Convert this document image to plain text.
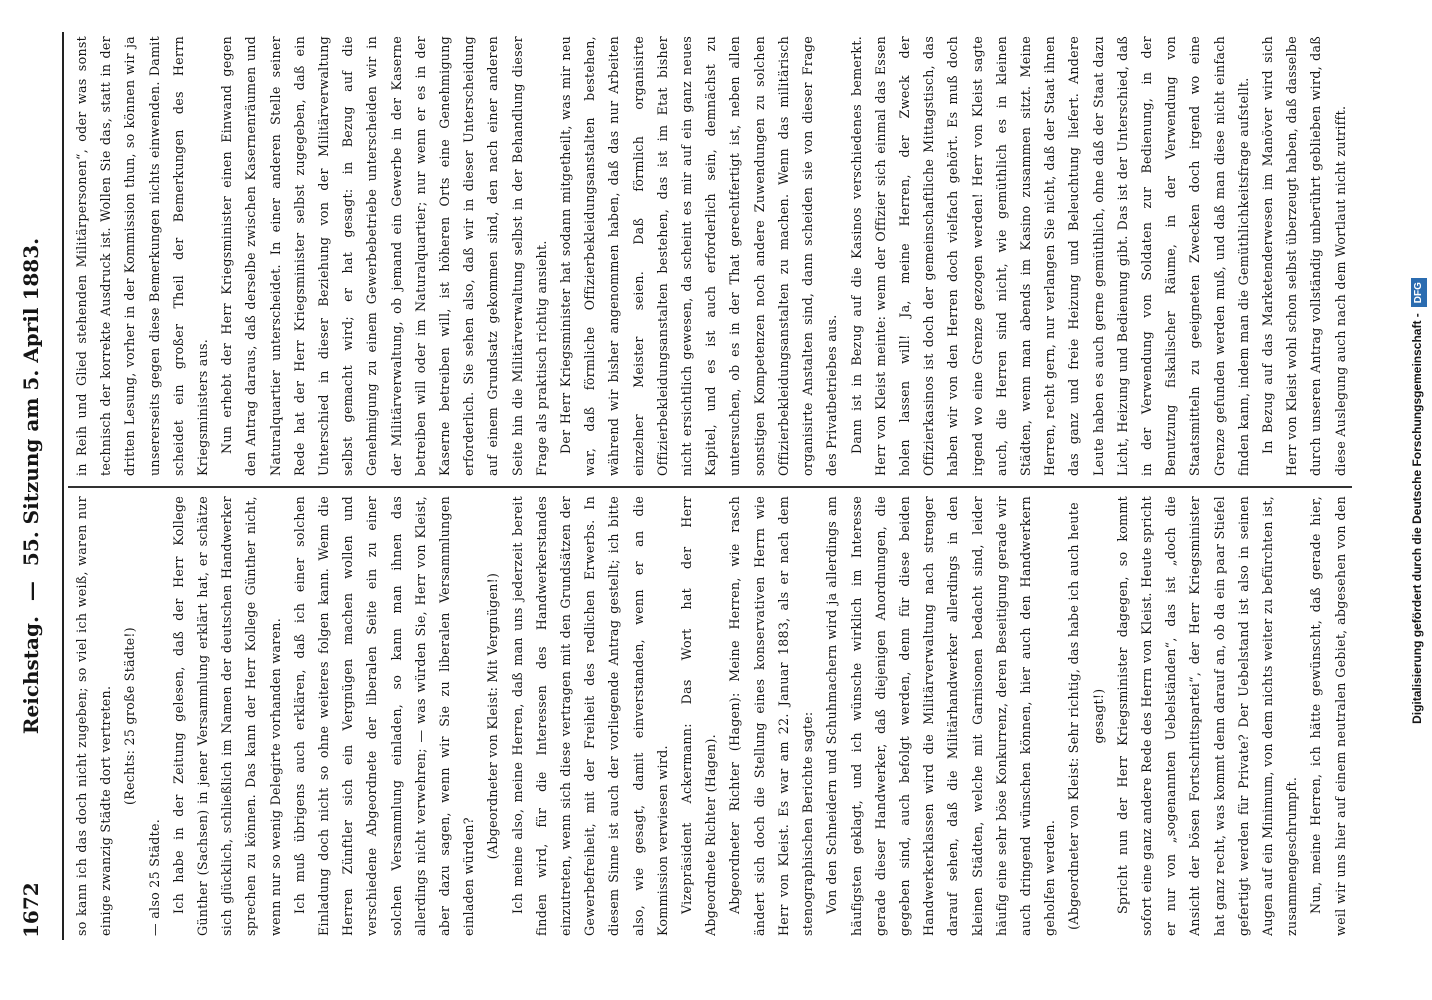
1672
Reichstag. — 55. Sitzung am 5. April 1883.

so kann ich das doch nicht zugeben; so viel ich weiß, waren nur einige zwanzig Städte dort vertreten. (Rechts: 25 große Städte!)

— also 25 Städte. Ich habe in der Zeitung gelesen, daß der Herr Kollege Günther (Sachsen) in jener Versammlung erklärt hat, er schätze sich glücklich, schließlich im Namen der deutschen Handwerker sprechen zu können. Das kann der Herr Kollege Günther nicht, wenn nur so wenig Delegirte vorhanden waren. Ich muß übrigens auch erklären, daß ich einer solchen Einladung doch nicht so ohne weiteres folgen kann. Wenn die Herren Zünftler sich ein Vergnügen machen wollen und verschiedene Abgeordnete der liberalen Seite ein zu einer solchen Versammlung einladen, so kann man ihnen das allerdings nicht verwehren; — was würden Sie, Herr von Kleist, aber dazu sagen, wenn wir Sie zu liberalen Versammlungen einladen würden?

(Abgeordneter von Kleist: Mit Vergnügen!) Ich meine also, meine Herren, daß man uns jederzeit bereit finden wird, für die Interessen des Handwerkerstandes einzutreten, wenn sich diese vertragen mit den Grundsätzen der Gewerbefreiheit, mit der Freiheit des redlichen Erwerbs. In diesem Sinne ist auch der vorliegende Antrag gestellt; ich bitte also, wie gesagt, damit einverstanden, wenn er an die Kommission verwiesen wird. Vizepräsident Ackermann: Das Wort hat der Herr Abgeordnete Richter (Hagen). Abgeordneter Richter (Hagen): Meine Herren, wie rasch ändert sich doch die Stellung eines konservativen Herrn wie Herr von Kleist. Es war am 22. Januar 1883, als er nach dem stenographischen Berichte sagte: Von den Schneidern und Schuhmachern wird ja allerdings am häufigsten geklagt, und ich wünsche wirklich im Interesse gerade dieser Handwerker, daß diejenigen Anordnungen, die gegeben sind, auch befolgt werden, denn für diese beiden Handwerkerklassen wird die Militärverwaltung nach strenger darauf sehen, daß die Militärhandwerker allerdings in den kleinen Städten, welche mit Garnisonen bedacht sind, leider häufig eine sehr böse Konkurrenz, deren Beseitigung gerade wir auch dringend wünschen können, hier auch den Handwerkern geholfen werden. (Abgeordneter von Kleist: Sehr richtig, das habe ich auch heute gesagt!) Spricht nun der Herr Kriegsminister dagegen, so kommt sofort eine ganz andere Rede des Herrn von Kleist. Heute spricht er nur von „sogenannten Uebelständen“, das ist „doch die Ansicht der bösen Fortschrittspartei“, der Herr Kriegsminister hat ganz recht, was kommt denn darauf an, ob da ein paar Stiefel gefertigt werden für Private? Der Uebelstand ist also in seinen Augen auf ein Minimum, von dem nichts weiter zu befürchten ist, zusammengeschrumpft. Nun, meine Herren, ich hätte gewünscht, daß gerade hier, weil wir uns hier auf einem neutralen Gebiet, abgesehen von den

in Reih und Glied stehenden Militärpersonen“, oder was sonst technisch der korrekte Ausdruck ist. Wollen Sie das, statt in der dritten Lesung, vorher in der Kommission thun, so können wir ja unsererseits gegen diese Bemerkungen nichts einwenden. Damit scheidet ein großer Theil der Bemerkungen des Herrn Kriegsministers aus. Nun erhebt der Herr Kriegsminister einen Einwand gegen den Antrag daraus, daß derselbe zwischen Kasernenräumen und Naturalquartier unterscheidet. In einer anderen Stelle seiner Rede hat der Herr Kriegsminister selbst zugegeben, daß ein Unterschied in dieser Beziehung von der Militärverwaltung selbst gemacht wird; er hat gesagt: in Bezug auf die Genehmigung zu einem Gewerbebetriebe unterscheiden wir in der Militärverwaltung, ob jemand ein Gewerbe in der Kaserne betreiben will oder im Naturalquartier; nur wenn er es in der Kaserne betreiben will, ist höheren Orts eine Genehmigung erforderlich. Sie sehen also, daß wir in dieser Unterscheidung auf einem Grundsatz gekommen sind, den nach einer anderen Seite hin die Militärverwaltung selbst in der Behandlung dieser Frage als praktisch richtig ansieht. Der Herr Kriegsminister hat sodann mitgetheilt, was mir neu war, daß förmliche Offizierbekleidungsanstalten bestehen, während wir bisher angenommen haben, daß das nur Arbeiten einzelner Meister seien. Daß förmlich organisirte Offizierbekleidungsanstalten bestehen, das ist im Etat bisher nicht ersichtlich gewesen, da scheint es mir auf ein ganz neues Kapitel, und es ist auch erforderlich sein, demnächst zu untersuchen, ob es in der That gerechtfertigt ist, neben allen sonstigen Kompetenzen noch andere Zuwendungen zu solchen Offizierbekleidungsanstalten zu machen. Wenn das militärisch organisirte Anstalten sind, dann scheiden sie von dieser Frage des Privatbetriebes aus. Dann ist in Bezug auf die Kasinos verschiedenes bemerkt. Herr von Kleist meinte: wenn der Offizier sich einmal das Essen holen lassen will! Ja, meine Herren, der Zweck der Offizierkasinos ist doch der gemeinschaftliche Mittagstisch, das haben wir von den Herren doch vielfach gehört. Es muß doch irgend wo eine Grenze gezogen werden! Herr von Kleist sagte auch, die Herren sind nicht, wie gemüthlich es in kleinen Städten, wenn man abends im Kasino zusammen sitzt. Meine Herren, recht gern, nur verlangen Sie nicht, daß der Staat ihnen das ganz und freie Heizung und Beleuchtung liefert. Andere Leute haben es auch gerne gemüthlich, ohne daß der Staat dazu Licht, Heizung und Bedienung gibt. Das ist der Unterschied, daß in der Verwendung von Soldaten zur Bedienung, in der Benutzung fiskalischer Räume, in der Verwendung von Staatsmitteln zu geeigneten Zwecken doch irgend wo eine Grenze gefunden werden muß, und daß man diese nicht einfach finden kann, indem man die Gemüthlichkeitsfrage aufstellt. In Bezug auf das Marketenderwesen im Manöver wird sich Herr von Kleist wohl schon selbst überzeugt haben, daß dasselbe durch unseren Antrag vollständig unberührt geblieben wird, daß diese Auslegung auch nach dem Wortlaut nicht zutrifft.

Digitalisierung gefördert durch die Deutsche Forschungsgemeinschaft -DFG
